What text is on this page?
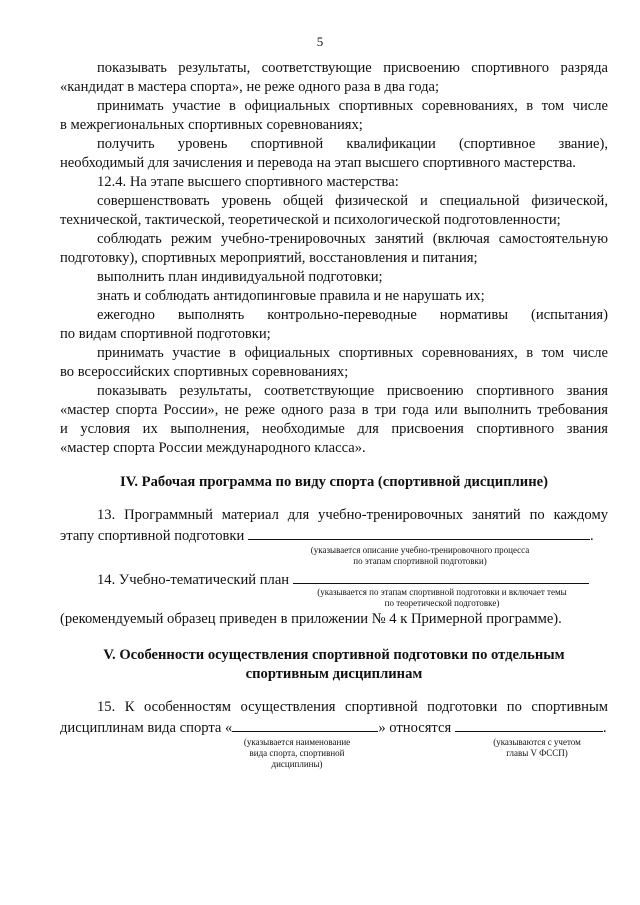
5
показывать результаты, соответствующие присвоению спортивного разряда
«кандидат в мастера спорта», не реже одного раза в два года;
принимать участие в официальных спортивных соревнованиях, в том числе
в межрегиональных спортивных соревнованиях;
получить уровень спортивной квалификации (спортивное звание),
необходимый для зачисления и перевода на этап высшего спортивного мастерства.
12.4. На этапе высшего спортивного мастерства:
совершенствовать уровень общей физической и специальной физической,
технической, тактической, теоретической и психологической подготовленности;
соблюдать режим учебно-тренировочных занятий (включая самостоятельную
подготовку), спортивных мероприятий, восстановления и питания;
выполнить план индивидуальной подготовки;
знать и соблюдать антидопинговые правила и не нарушать их;
ежегодно выполнять контрольно-переводные нормативы (испытания)
по видам спортивной подготовки;
принимать участие в официальных спортивных соревнованиях, в том числе
во всероссийских спортивных соревнованиях;
показывать результаты, соответствующие присвоению спортивного звания
«мастер спорта России», не реже одного раза в три года или выполнить требования
и условия их выполнения, необходимые для присвоения спортивного звания
«мастер спорта России международного класса».
IV. Рабочая программа по виду спорта (спортивной дисциплине)
13. Программный материал для учебно-тренировочных занятий по каждому
этапу спортивной подготовки	.
(указывается описание учебно-тренировочного процесса
по этапам спортивной подготовки)
14. Учебно-тематический план
(указывается по этапам спортивной подготовки и включает темы
по теоретической подготовке)
(рекомендуемый образец приведен в приложении № 4 к Примерной программе).
V. Особенности осуществления спортивной подготовки по отдельным
спортивным дисциплинам
15. К особенностям осуществления спортивной подготовки по спортивным
дисциплинам вида спорта «	» относятся	.
(указывается наименование
вида спорта, спортивной
дисциплины)
(указываются с учетом
главы V ФССП)
